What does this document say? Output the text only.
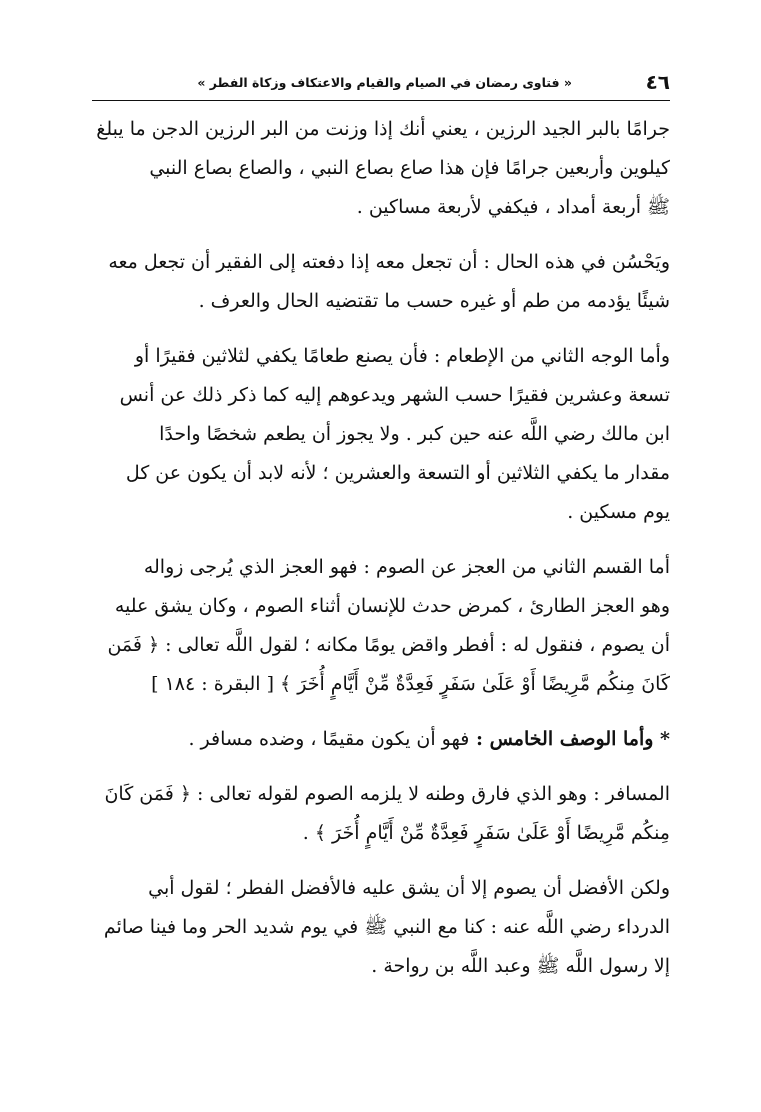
٤٦
« فتاوى رمضان في الصيام والقيام والاعتكاف وزكاة الفطر »
جرامًا بالبر الجيد الرزين ، يعني أنك إذا وزنت من البر الرزين الدجن ما يبلغ
كيلوين وأربعين جرامًا فإن هذا صاع بصاع النبي ، والصاع بصاع النبي
ﷺ أربعة أمداد ، فيكفي لأربعة مساكين .
ويَحْسُن في هذه الحال : أن تجعل معه إذا دفعته إلى الفقير أن تجعل معه
شيئًا يؤدمه من طم أو غيره حسب ما تقتضيه الحال والعرف .
وأما الوجه الثاني من الإطعام : فأن يصنع طعامًا يكفي لثلاثين فقيرًا أو
تسعة وعشرين فقيرًا حسب الشهر ويدعوهم إليه كما ذكر ذلك عن أنس
ابن مالك رضي اللَّه عنه حين كبر . ولا يجوز أن يطعم شخصًا واحدًا
مقدار ما يكفي الثلاثين أو التسعة والعشرين ؛ لأنه لابد أن يكون عن كل
يوم مسكين .
أما القسم الثاني من العجز عن الصوم : فهو العجز الذي يُرجى زواله
وهو العجز الطارئ ، كمرض حدث للإنسان أثناء الصوم ، وكان يشق عليه
أن يصوم ، فنقول له : أفطر واقض يومًا مكانه ؛ لقول اللَّه تعالى : ﴿ فَمَن
كَانَ مِنكُم مَّرِيضًا أَوْ عَلَىٰ سَفَرٍ فَعِدَّةٌ مِّنْ أَيَّامٍ أُخَرَ ﴾ [ البقرة : ١٨٤ ]
* وأما الوصف الخامس : فهو أن يكون مقيمًا ، وضده مسافر .
المسافر : وهو الذي فارق وطنه لا يلزمه الصوم لقوله تعالى : ﴿ فَمَن كَانَ
مِنكُم مَّرِيضًا أَوْ عَلَىٰ سَفَرٍ فَعِدَّةٌ مِّنْ أَيَّامٍ أُخَرَ ﴾ .
ولكن الأفضل أن يصوم إلا أن يشق عليه فالأفضل الفطر ؛ لقول أبي
الدرداء رضي اللَّه عنه : كنا مع النبي ﷺ في يوم شديد الحر وما فينا صائم
إلا رسول اللَّه ﷺ وعبد اللَّه بن رواحة .
